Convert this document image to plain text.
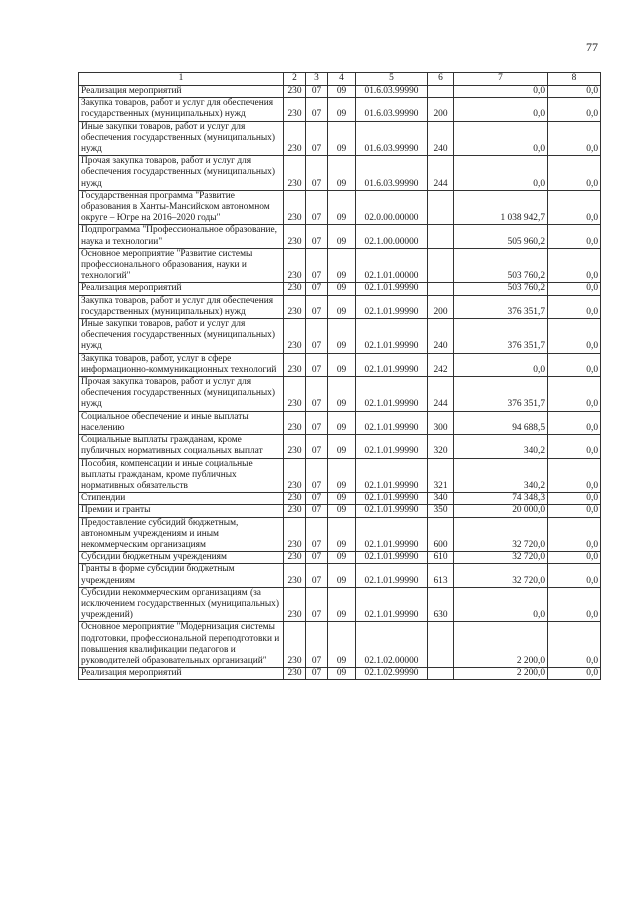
77
1	2	3	4	5	6	7	8
Реализация мероприятий	230	07	09	01.6.03.99990		0,0	0,0
Закупка товаров, работ и услуг для обеспечения государственных (муниципальных) нужд	230	07	09	01.6.03.99990	200	0,0	0,0
Иные закупки товаров, работ и услуг для обеспечения государственных (муниципальных) нужд	230	07	09	01.6.03.99990	240	0,0	0,0
Прочая закупка товаров, работ и услуг для обеспечения государственных (муниципальных) нужд	230	07	09	01.6.03.99990	244	0,0	0,0
Государственная программа "Развитие образования в Ханты-Мансийском автономном округе – Югре на 2016–2020 годы"	230	07	09	02.0.00.00000		1 038 942,7	0,0
Подпрограмма "Профессиональное образование, наука и технологии"	230	07	09	02.1.00.00000		505 960,2	0,0
Основное мероприятие "Развитие системы профессионального образования, науки и технологий"	230	07	09	02.1.01.00000		503 760,2	0,0
Реализация мероприятий	230	07	09	02.1.01.99990		503 760,2	0,0
Закупка товаров, работ и услуг для обеспечения государственных (муниципальных) нужд	230	07	09	02.1.01.99990	200	376 351,7	0,0
Иные закупки товаров, работ и услуг для обеспечения государственных (муниципальных) нужд	230	07	09	02.1.01.99990	240	376 351,7	0,0
Закупка товаров, работ, услуг в сфере информационно-коммуникационных технологий	230	07	09	02.1.01.99990	242	0,0	0,0
Прочая закупка товаров, работ и услуг для обеспечения государственных (муниципальных) нужд	230	07	09	02.1.01.99990	244	376 351,7	0,0
Социальное обеспечение и иные выплаты населению	230	07	09	02.1.01.99990	300	94 688,5	0,0
Социальные выплаты гражданам, кроме публичных нормативных социальных выплат	230	07	09	02.1.01.99990	320	340,2	0,0
Пособия, компенсации и иные социальные выплаты гражданам, кроме публичных нормативных обязательств	230	07	09	02.1.01.99990	321	340,2	0,0
Стипендии	230	07	09	02.1.01.99990	340	74 348,3	0,0
Премии и гранты	230	07	09	02.1.01.99990	350	20 000,0	0,0
Предоставление субсидий бюджетным, автономным учреждениям и иным некоммерческим организациям	230	07	09	02.1.01.99990	600	32 720,0	0,0
Субсидии бюджетным учреждениям	230	07	09	02.1.01.99990	610	32 720,0	0,0
Гранты в форме субсидии бюджетным учреждениям	230	07	09	02.1.01.99990	613	32 720,0	0,0
Субсидии некоммерческим организациям (за исключением государственных (муниципальных) учреждений)	230	07	09	02.1.01.99990	630	0,0	0,0
Основное мероприятие "Модернизация системы подготовки, профессиональной переподготовки и повышения квалификации педагогов и руководителей образовательных организаций"	230	07	09	02.1.02.00000		2 200,0	0,0
Реализация мероприятий	230	07	09	02.1.02.99990		2 200,0	0,0
